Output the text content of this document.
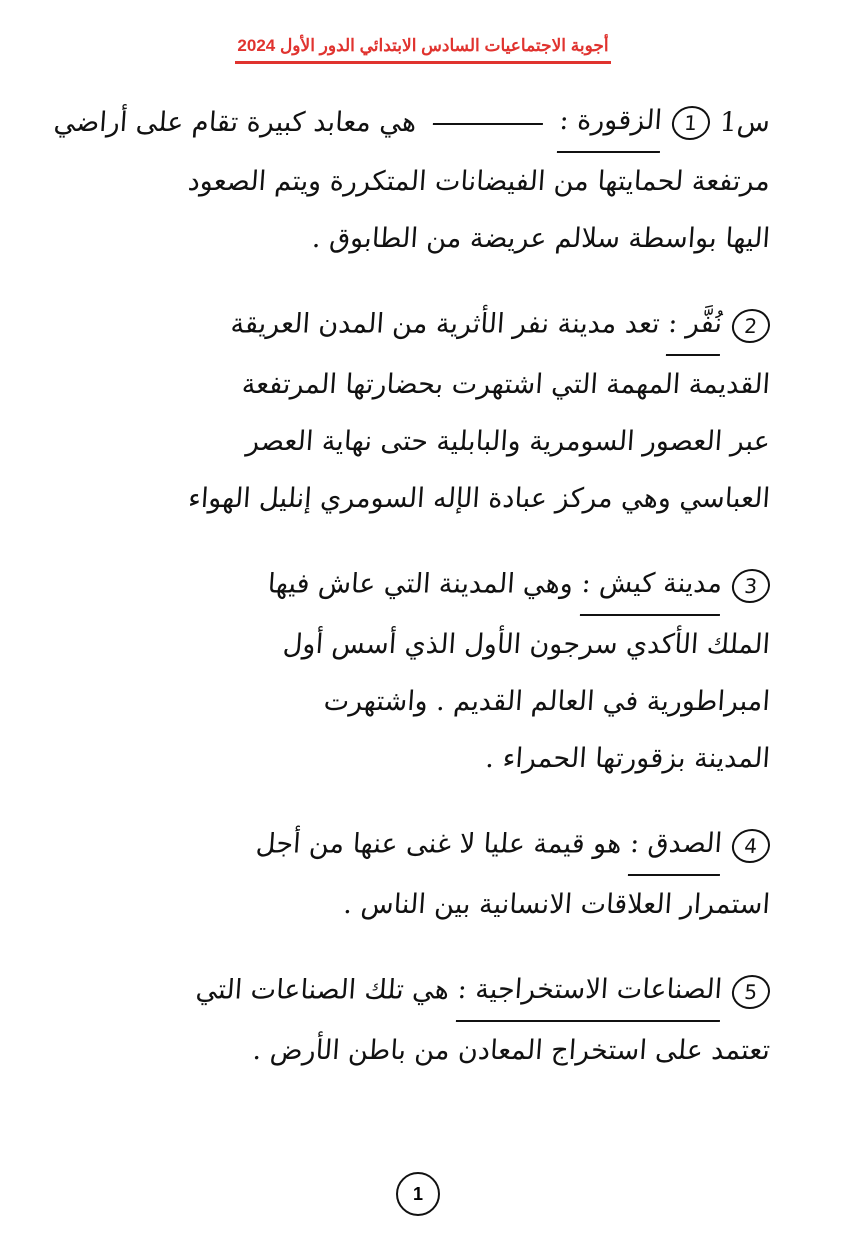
أجوبة الاجتماعيات السادس الابتدائي الدور الأول 2024
س1
1
الزقورة :
هي معابد كبيرة تقام على أراضي
مرتفعة لحمايتها من الفيضانات المتكررة ويتم الصعود
اليها بواسطة سلالم عريضة من الطابوق .
2
نُفَّر :
تعد مدينة نفر الأثرية من المدن العريقة
القديمة المهمة التي اشتهرت بحضارتها المرتفعة
عبر العصور السومرية والبابلية حتى نهاية العصر
العباسي وهي مركز عبادة الإله السومري إنليل الهواء
3
مدينة كيش :
وهي المدينة التي عاش فيها
الملك الأكدي سرجون الأول الذي أسس أول
امبراطورية في العالم القديم . واشتهرت
المدينة بزقورتها الحمراء .
4
الصدق :
هو قيمة عليا لا غنى عنها من أجل
استمرار العلاقات الانسانية بين الناس .
5
الصناعات الاستخراجية :
هي تلك الصناعات التي
تعتمد على استخراج المعادن من باطن الأرض .
1
